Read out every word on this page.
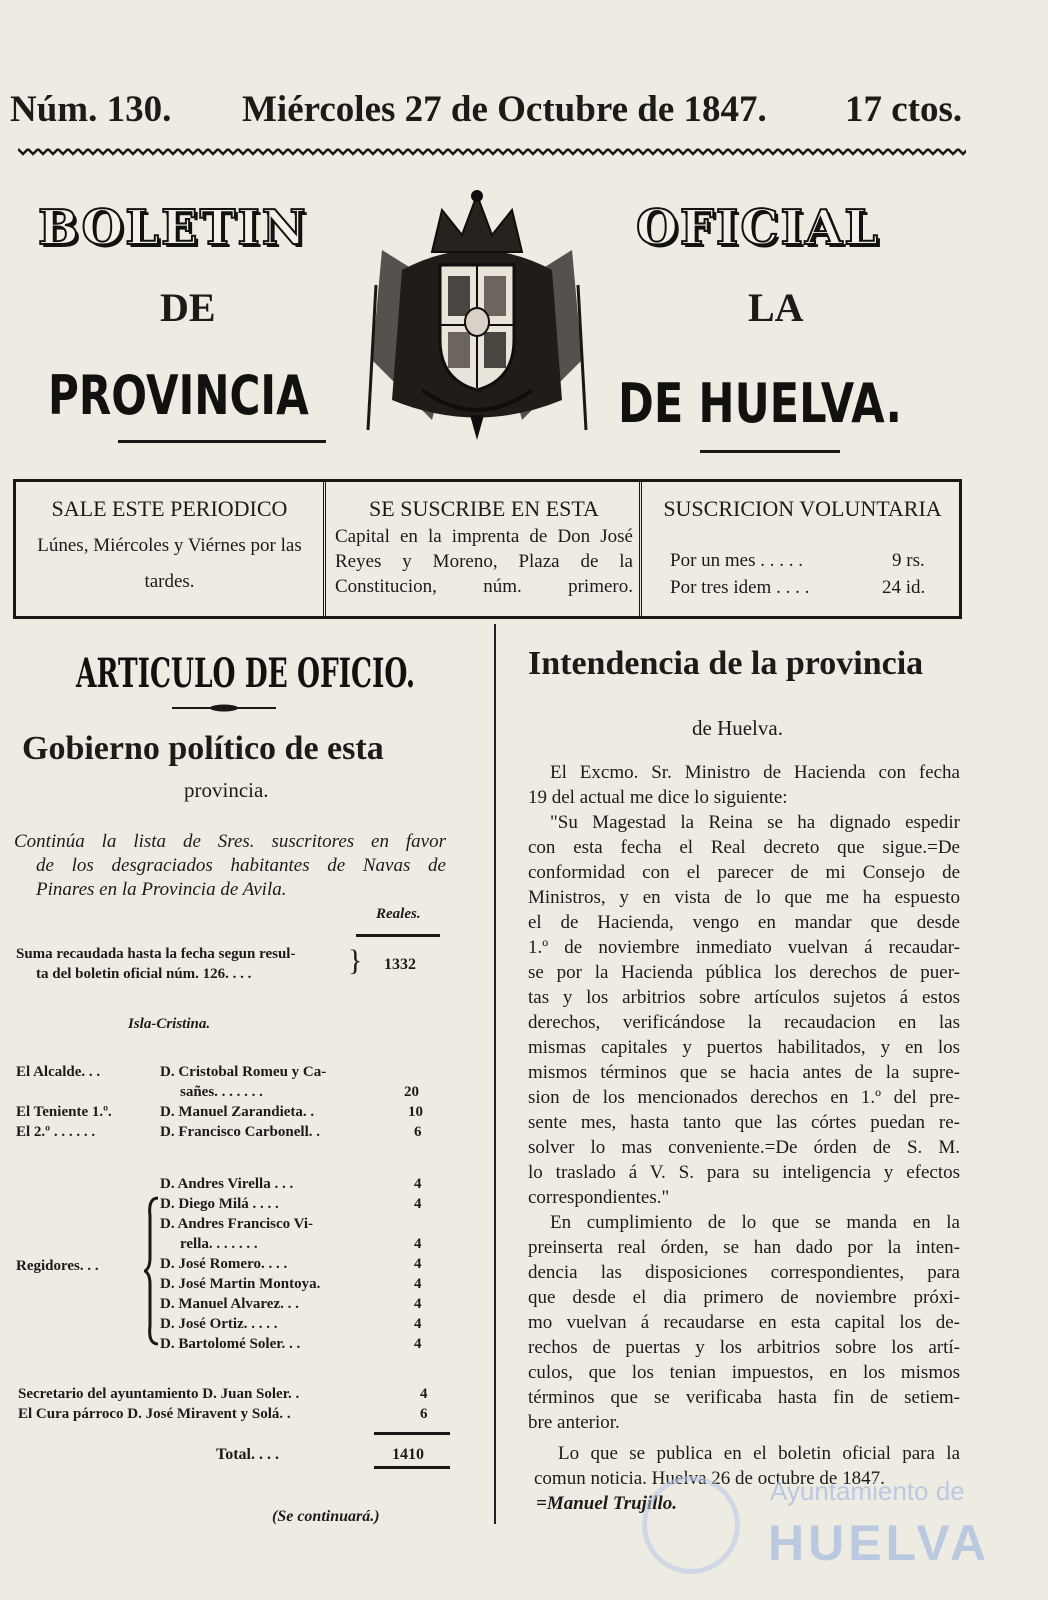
Núm. 130. Miércoles 27 de Octubre de 1847. 17 ctos.
BOLETIN	OFICIAL
DE	LA
PROVINCIA	DE HUELVA.
SALE ESTE PERIODICO
Lúnes, Miércoles y Viérnes por las tardes.
SE SUSCRIBE EN ESTA
Capital en la imprenta de Don José Reyes y Moreno, Plaza de la Constitucion, núm. primero.
SUSCRICION VOLUNTARIA
Por un mes . . . . .	9 rs.
Por tres idem . . . .	24 id.
ARTICULO DE OFICIO.
Gobierno político de esta
provincia.
Continúa la lista de Sres. suscritores en favor
de los desgraciados habitantes de Navas de
Pinares en la Provincia de Avila.
Reales.
Suma recaudada hasta la fecha segun resul-
ta del boletin oficial núm. 126. . . .	} 1332
Isla-Cristina.
El Alcalde. . .	D. Cristobal Romeu y Ca-
sañes. . . . . . .	20
El Teniente 1.º.	D. Manuel Zarandieta. .	10
El 2.º . . . . . .	D. Francisco Carbonell. .	6
Regidores. . .
D. Andres Virella . . .	4
D. Diego Milá . . . .	4
D. Andres Francisco Vi-
rella. . . . . . .	4
D. José Romero. . . .	4
D. José Martin Montoya.	4
D. Manuel Alvarez. . .	4
D. José Ortiz. . . . .	4
D. Bartolomé Soler. . .	4
Secretario del ayuntamiento D. Juan Soler. .	4
El Cura párroco D. José Miravent y Solá. .	6
Total. . . .	1410
(Se continuará.)
Intendencia de la provincia
de Huelva.
El Excmo. Sr. Ministro de Hacienda con fecha
19 del actual me dice lo siguiente:
"Su Magestad la Reina se ha dignado espedir
con esta fecha el Real decreto que sigue.=De
conformidad con el parecer de mi Consejo de
Ministros, y en vista de lo que me ha espuesto
el de Hacienda, vengo en mandar que desde
1.º de noviembre inmediato vuelvan á recaudar-
se por la Hacienda pública los derechos de puer-
tas y los arbitrios sobre artículos sujetos á estos
derechos, verificándose la recaudacion en las
mismas capitales y puertos habilitados, y en los
mismos términos que se hacia antes de la supre-
sion de los mencionados derechos en 1.º del pre-
sente mes, hasta tanto que las córtes puedan re-
solver lo mas conveniente.=De órden de S. M.
lo traslado á V. S. para su inteligencia y efectos
correspondientes."
En cumplimiento de lo que se manda en la
preinserta real órden, se han dado por la inten-
dencia las disposiciones correspondientes, para
que desde el dia primero de noviembre próxi-
mo vuelvan á recaudarse en esta capital los de-
rechos de puertas y los arbitrios sobre los artí-
culos, que los tenian impuestos, en los mismos
términos que se verificaba hasta fin de setiem-
bre anterior.
Lo que se publica en el boletin oficial para la
comun noticia. Huelva 26 de octubre de 1847.
=Manuel Trujillo.	Ayuntamiento de
HUELVA
